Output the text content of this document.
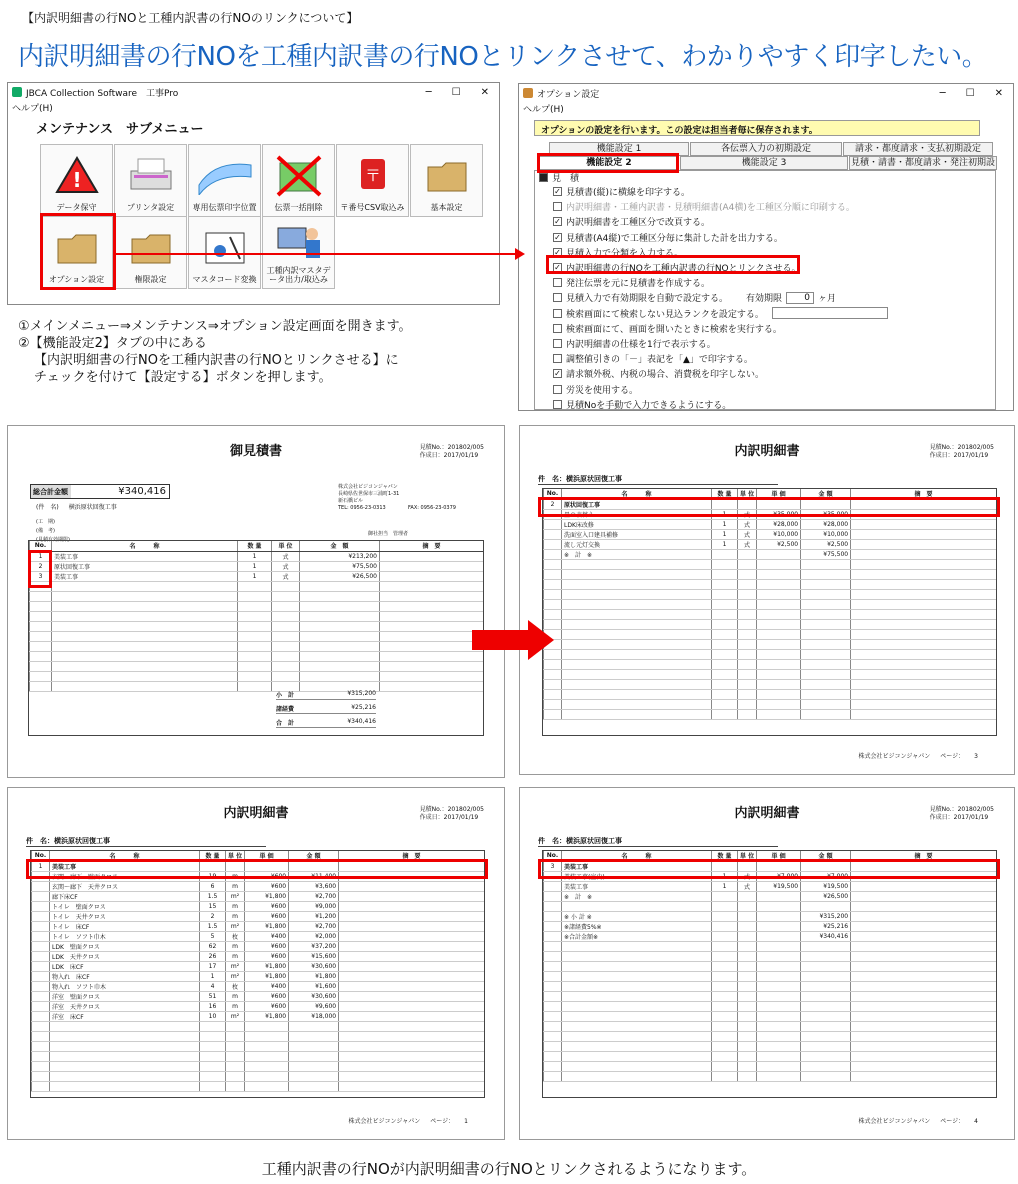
【内訳明細書の行NOと工種内訳書の行NOのリンクについて】
内訳明細書の行NOを工種内訳書の行NOとリンクさせて、わかりやすく印字したい。
JBCA Collection Software　工事Pro	─ ☐ ✕
ヘルプ(H)
メンテナンス　サブメニュー
!
データ保守	プリンタ設定 専用伝票印字位置 伝票一括削除
〒
〒番号CSV取込み	基本設定
オプション設定	権限設定	マスタコード変換
工種内訳マスタデータ出力/取込み
オプション設定	─ ☐ ✕
ヘルプ(H)
オプションの設定を行います。この設定は担当者毎に保存されます。
機能設定 1	各伝票入力の初期設定	請求・都度請求・支払初期設定
機能設定 2	機能設定 3	見積・請書・都度請求・発注初期設
見　積
✓ 見積書(縦)に横線を印字する。
内訳明細書・工種内訳書・見積明細書(A4横)を工種区分順に印刷する。
✓ 内訳明細書を工種区分で改頁する。
✓ 見積書(A4縦)で工種区分毎に集計した計を出力する。
✓ 見積入力で分類を入力する。
✓ 内訳明細書の行NOを工種内訳書の行NOとリンクさせる。
発注伝票を元に見積書を作成する。
見積入力で有効期限を自動で設定する。 有効期限	0 ヶ月
検索画面にて検索しない見込ランクを設定する。
検索画面にて、画面を開いたときに検索を実行する。
内訳明細書の仕様を1行で表示する。
調整値引きの「－」表記を「▲」で印字する。
✓ 請求額外税、内税の場合、消費税を印字しない。
労災を使用する。
見積Noを手動で入力できるようにする。
①メインメニュー⇒メンテナンス⇒オプション設定画面を開きます。
②【機能設定2】タブの中にある
【内訳明細書の行NOを工種内訳書の行NOとリンクさせる】に
チェックを付けて【設定する】ボタンを押します。
御見積書	見積No.：201802/005
作成日：2017/01/19
総合計金額	¥340,416
(件　名) 横浜原状回復工事
(工　期)
(備　考)
(見積有効期限)
株式会社ビジコンジャパン
長崎県佐世保市三浦町1-31
新石橋ビル
TEL: 0956-23-0313	FAX: 0956-23-0379
御社担当　管理者
No.	名　　　称	数 量	単 位	金　額	摘　要
1	美装工事	1	式	¥213,200	
2	原状回復工事	1	式	¥75,500	
3	美装工事	1	式	¥26,500	

小　計	¥315,200
諸経費	¥25,216
合　計	¥340,416
内訳明細書	見積No.：201802/005
作成日：2017/01/19
件　名：横浜原状回復工事
No.	名　　　称	数 量	単 位	単 価	金 額	摘　要
2	原状回復工事					
	畳の表替え	1	式	¥35,000	¥35,000	
	LDK床改修	1	式	¥28,000	¥28,000	
	洗面室入口建具補修	1	式	¥10,000	¥10,000	
	流し元灯交換	1	式	¥2,500	¥2,500	
	※　計　※				¥75,500	

株式会社ビジコンジャパン ページ： 3
内訳明細書	見積No.：201802/005
作成日：2017/01/19
件　名：横浜原状回復工事
No.	名　　　称	数 量	単 位	単 価	金 額	摘　要
1	美装工事					
	玄関～廊下　壁面クロス	19	m	¥600	¥11,400	
	玄関～廊下　天井クロス	6	m	¥600	¥3,600	
	廊下床CF	1.5	m²	¥1,800	¥2,700	
	トイレ　壁面クロス	15	m	¥600	¥9,000	
	トイレ　天井クロス	2	m	¥600	¥1,200	
	トイレ　床CF	1.5	m²	¥1,800	¥2,700	
	トイレ　ソフト巾木	5	枚	¥400	¥2,000	
	LDK　壁面クロス	62	m	¥600	¥37,200	
	LDK　天井クロス	26	m	¥600	¥15,600	
	LDK　床CF	17	m²	¥1,800	¥30,600	
	物入れ　床CF	1	m²	¥1,800	¥1,800	
	物入れ　ソフト巾木	4	枚	¥400	¥1,600	
	洋室　壁面クロス	51	m	¥600	¥30,600	
	洋室　天井クロス	16	m	¥600	¥9,600	
	洋室　床CF	10	m²	¥1,800	¥18,000	

株式会社ビジコンジャパン ページ： 1
内訳明細書	見積No.：201802/005
作成日：2017/01/19
件　名：横浜原状回復工事
No.	名　　　称	数 量	単 位	単 価	金 額	摘　要
3	美装工事					
	美装工事(室内)	1	式	¥7,000	¥7,000	
	美装工事	1	式	¥19,500	¥19,500	
	※　計　※				¥26,500	

	※ 小 計 ※				¥315,200	
	※諸経費5%※				¥25,216	
	※合計金額※				¥340,416	

株式会社ビジコンジャパン ページ： 4
工種内訳書の行NOが内訳明細書の行NOとリンクされるようになります。
